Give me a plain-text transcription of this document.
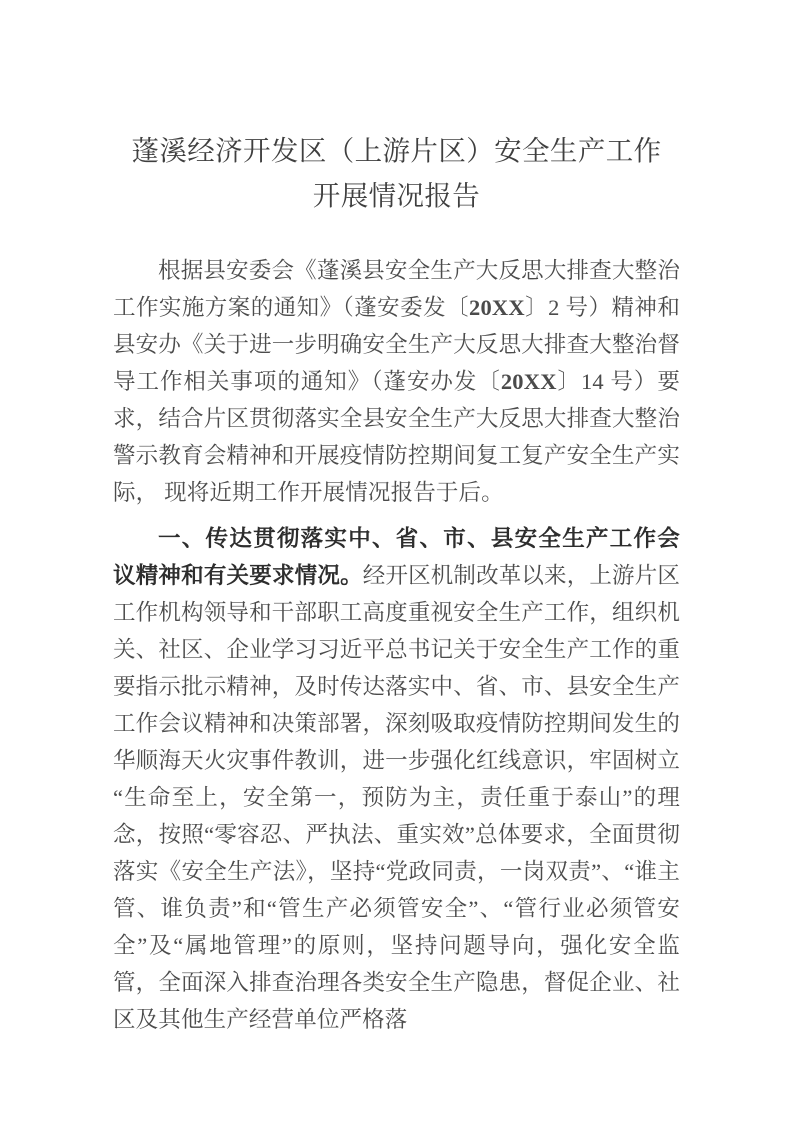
蓬溪经济开发区（上游片区）安全生产工作
开展情况报告

根据县安委会《蓬溪县安全生产大反思大排查大整治工作实施方案的通知》（蓬安委发〔20XX〕2 号）精神和县安办《关于进一步明确安全生产大反思大排查大整治督导工作相关事项的通知》（蓬安办发〔20XX〕14 号）要求，结合片区贯彻落实全县安全生产大反思大排查大整治警示教育会精神和开展疫情防控期间复工复产安全生产实际， 现将近期工作开展情况报告于后。

一、传达贯彻落实中、省、市、县安全生产工作会议精神和有关要求情况。经开区机制改革以来，上游片区工作机构领导和干部职工高度重视安全生产工作，组织机关、社区、企业学习习近平总书记关于安全生产工作的重要指示批示精神，及时传达落实中、省、市、县安全生产工作会议精神和决策部署，深刻吸取疫情防控期间发生的华顺海天火灾事件教训，进一步强化红线意识，牢固树立“生命至上，安全第一，预防为主，责任重于泰山”的理念，按照“零容忍、严执法、重实效”总体要求，全面贯彻落实《安全生产法》，坚持“党政同责，一岗双责”、“谁主管、谁负责”和“管生产必须管安全”、“管行业必须管安全”及“属地管理”的原则，坚持问题导向，强化安全监管，全面深入排查治理各类安全生产隐患，督促企业、社区及其他生产经营单位严格落
